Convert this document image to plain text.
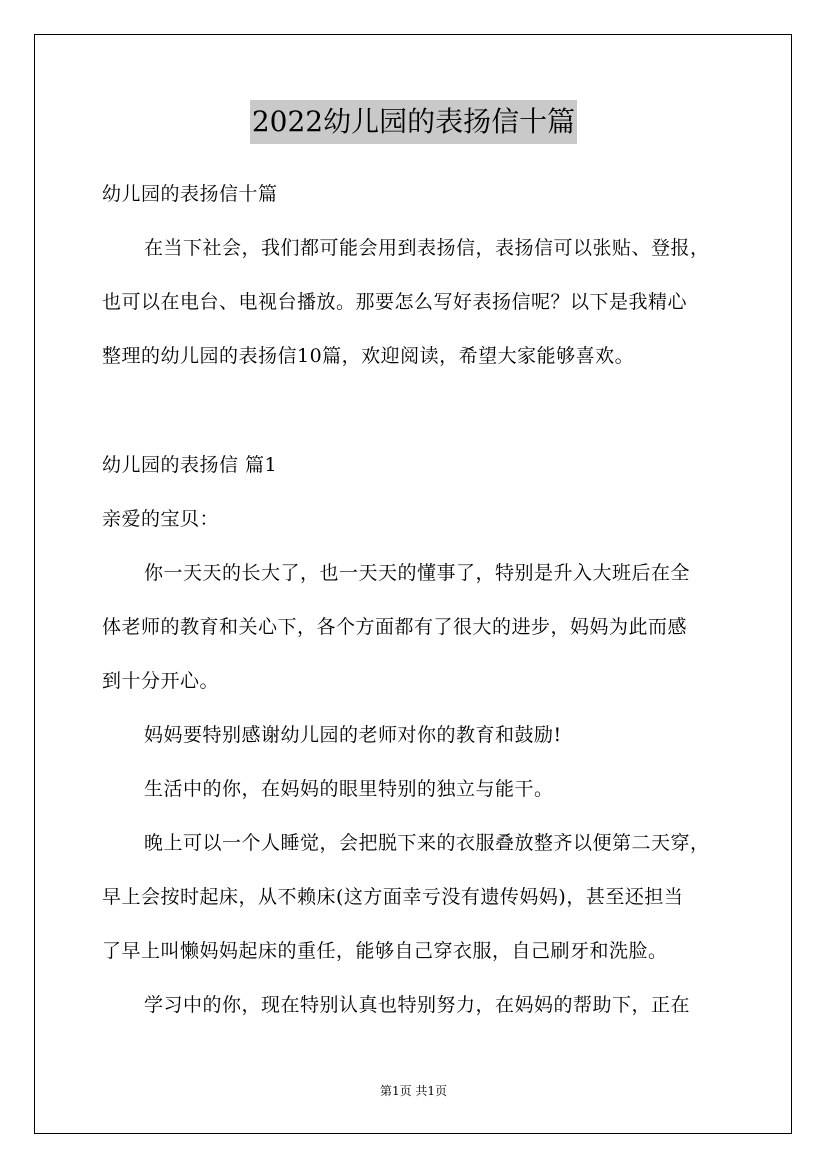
2022幼儿园的表扬信十篇
幼儿园的表扬信十篇
在当下社会，我们都可能会用到表扬信，表扬信可以张贴、登报，
也可以在电台、电视台播放。那要怎么写好表扬信呢？以下是我精心
整理的幼儿园的表扬信10篇，欢迎阅读，希望大家能够喜欢。
幼儿园的表扬信 篇1
亲爱的宝贝：
你一天天的长大了，也一天天的懂事了，特别是升入大班后在全
体老师的教育和关心下，各个方面都有了很大的进步，妈妈为此而感
到十分开心。
妈妈要特别感谢幼儿园的老师对你的教育和鼓励!
生活中的你，在妈妈的眼里特别的独立与能干。
晚上可以一个人睡觉，会把脱下来的衣服叠放整齐以便第二天穿，
早上会按时起床，从不赖床(这方面幸亏没有遗传妈妈)，甚至还担当
了早上叫懒妈妈起床的重任，能够自己穿衣服，自己刷牙和洗脸。
学习中的你，现在特别认真也特别努力，在妈妈的帮助下，正在
第1页 共1页
